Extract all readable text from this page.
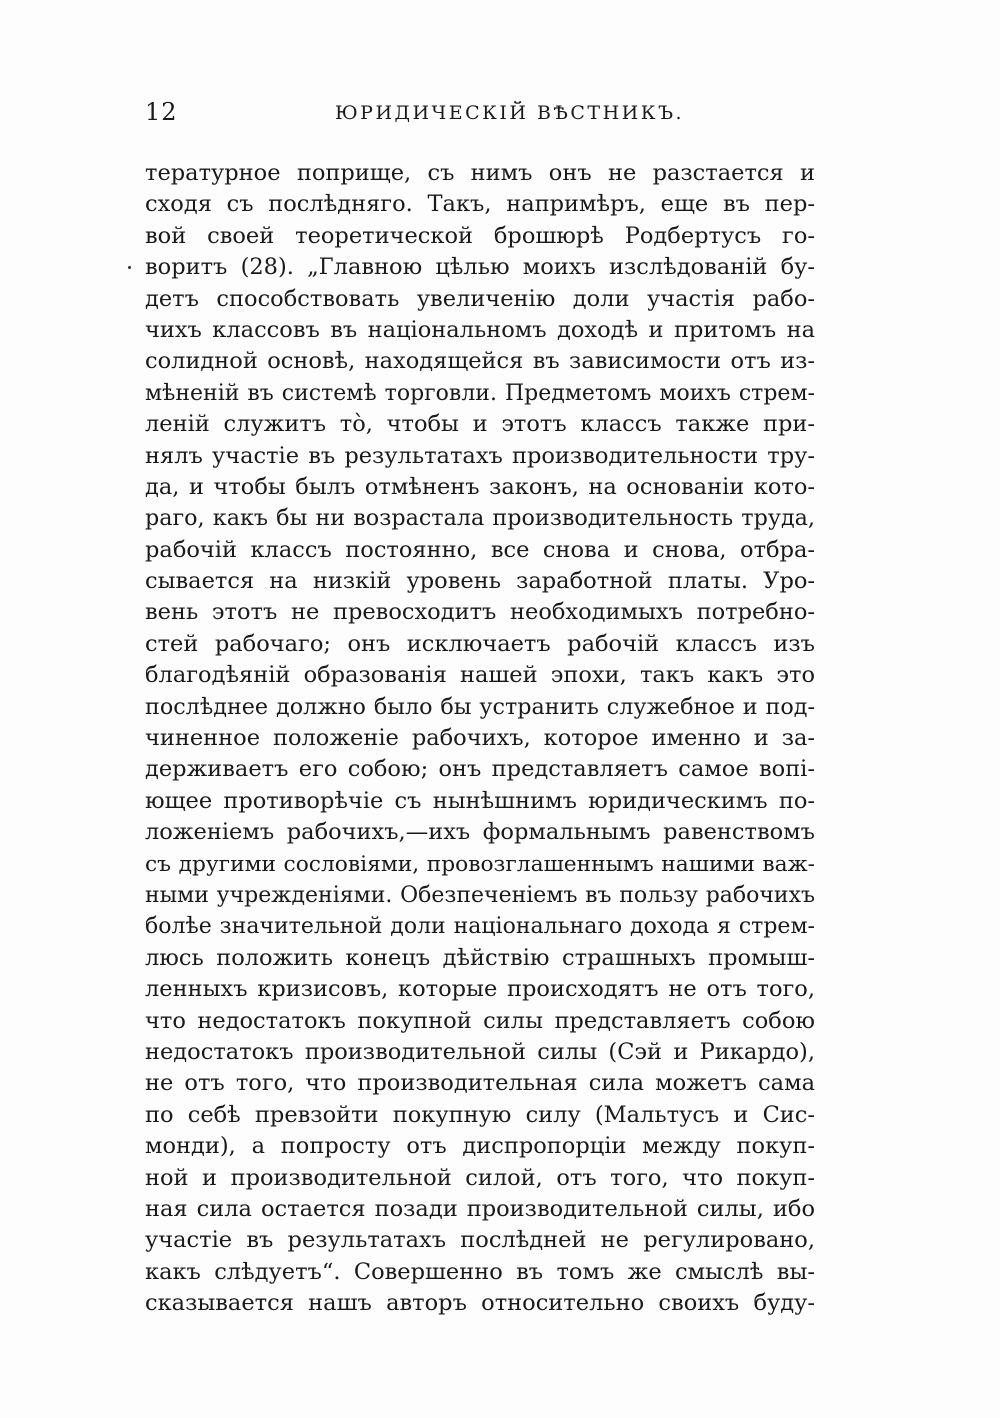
12	ЮРИДИЧЕСКІЙ ВѢСТНИКЪ.
тературное поприще, съ нимъ онъ не разстается и
сходя съ послѣдняго. Такъ, напримѣръ, еще въ пер-
вой своей теоретической брошюрѣ Родбертусъ го-
воритъ (28). „Главною цѣлью моихъ изслѣдованій бу-
детъ способствовать увеличенію доли участія рабо-
чихъ классовъ въ національномъ доходѣ и притомъ на
солидной основѣ, находящейся въ зависимости отъ из-
мѣненій въ системѣ торговли. Предметомъ моихъ стрем-
леній служитъ то̀, чтобы и этотъ классъ также при-
нялъ участіе въ результатахъ производительности тру-
да, и чтобы былъ отмѣненъ законъ, на основаніи кото-
раго, какъ бы ни возрастала производительность труда,
рабочій классъ постоянно, все снова и снова, отбра-
сывается на низкій уровень заработной платы. Уро-
вень этотъ не превосходитъ необходимыхъ потребно-
стей рабочаго; онъ исключаетъ рабочій классъ изъ
благодѣяній образованія нашей эпохи, такъ какъ это
послѣднее должно было бы устранить служебное и под-
чиненное положеніе рабочихъ, которое именно и за-
держиваетъ его собою; онъ представляетъ самое вопі-
ющее противорѣчіе съ нынѣшнимъ юридическимъ по-
ложеніемъ рабочихъ,—ихъ формальнымъ равенствомъ
съ другими сословіями, провозглашеннымъ нашими важ-
ными учрежденіями. Обезпеченіемъ въ пользу рабочихъ
болѣе значительной доли національнаго дохода я стрем-
люсь положить конецъ дѣйствію страшныхъ промыш-
ленныхъ кризисовъ, которые происходятъ не отъ того,
что недостатокъ покупной силы представляетъ собою
недостатокъ производительной силы (Сэй и Рикардо),
не отъ того, что производительная сила можетъ сама
по себѣ превзойти покупную силу (Мальтусъ и Сис-
монди), а попросту отъ диспропорціи между покуп-
ной и производительной силой, отъ того, что покуп-
ная сила остается позади производительной силы, ибо
участіе въ результатахъ послѣдней не регулировано,
какъ слѣдуетъ“. Совершенно въ томъ же смыслѣ вы-
сказывается нашъ авторъ относительно своихъ буду-
